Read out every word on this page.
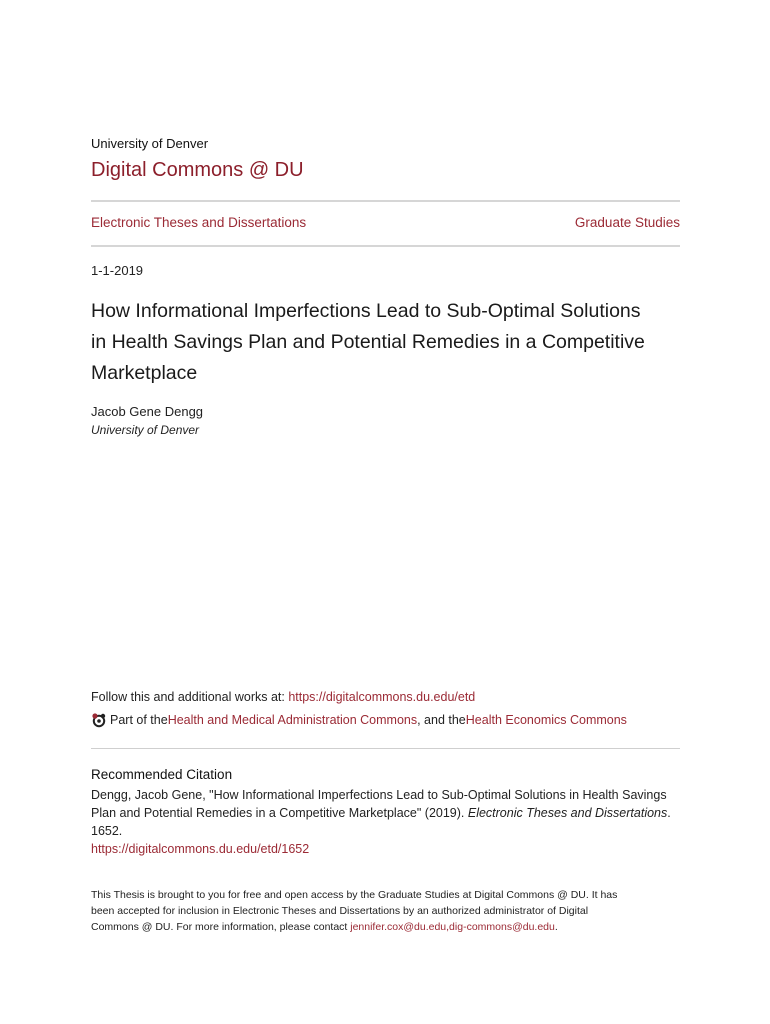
University of Denver
Digital Commons @ DU
Electronic Theses and Dissertations	Graduate Studies
1-1-2019
How Informational Imperfections Lead to Sub-Optimal Solutions
in Health Savings Plan and Potential Remedies in a Competitive
Marketplace
Jacob Gene Dengg
University of Denver
Follow this and additional works at: https://digitalcommons.du.edu/etd
Part of the Health and Medical Administration Commons , and the Health Economics Commons
Recommended Citation
Dengg, Jacob Gene, "How Informational Imperfections Lead to Sub-Optimal Solutions in Health Savings
Plan and Potential Remedies in a Competitive Marketplace" (2019). Electronic Theses and Dissertations.
1652.
https://digitalcommons.du.edu/etd/1652
This Thesis is brought to you for free and open access by the Graduate Studies at Digital Commons @ DU. It has
been accepted for inclusion in Electronic Theses and Dissertations by an authorized administrator of Digital
Commons @ DU. For more information, please contact jennifer.cox@du.edu,dig-commons@du.edu.
